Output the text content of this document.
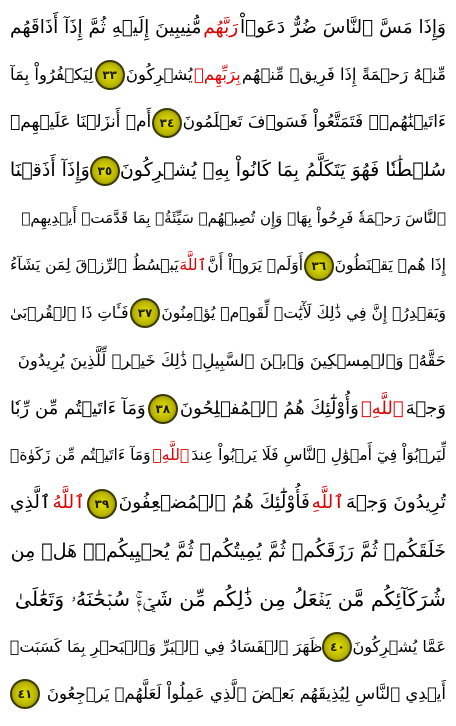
وَإِذَا مَسَّ ٱلنَّاسَ ضُرٌّ دَعَوۡاْ
رَبَّهُم
مُّنِيبِينَ إِلَيۡهِ ثُمَّ إِذَآ أَذَاقَهُم
مِّنۡهُ رَحۡمَةً إِذَا فَرِيقٞ مِّنۡهُم
بِرَبِّهِمۡ
يُشۡرِكُونَ
٣٣
لِيَكۡفُرُواْ بِمَآ
ءَاتَيۡنَٰهُمۡۚ فَتَمَتَّعُواْ فَسَوۡفَ تَعۡلَمُونَ
٣٤
أَمۡ أَنزَلۡنَا عَلَيۡهِمۡ
سُلۡطَٰنٗا فَهُوَ يَتَكَلَّمُ بِمَا كَانُواْ بِهِۦ يُشۡرِكُونَ
٣٥
وَإِذَآ أَذَقۡنَا
ٱلنَّاسَ رَحۡمَةٗ فَرِحُواْ بِهَاۖ وَإِن تُصِبۡهُمۡ سَيِّئَةُۢ بِمَا قَدَّمَتۡ أَيۡدِيهِمۡ
إِذَا هُمۡ يَقۡنَطُونَ
٣٦
أَوَلَمۡ يَرَوۡاْ أَنَّ
ٱللَّهَ
يَبۡسُطُ ٱلرِّزۡقَ لِمَن يَشَآءُ
وَيَقۡدِرُۚ إِنَّ فِي ذَٰلِكَ لَأٓيَٰتٖ لِّقَوۡمٖ يُؤۡمِنُونَ
٣٧
فَـَٔاتِ ذَا ٱلۡقُرۡبَىٰ
حَقَّهُۥ وَٱلۡمِسۡكِينَ وَٱبۡنَ ٱلسَّبِيلِۚ ذَٰلِكَ خَيۡرٞ لِّلَّذِينَ يُرِيدُونَ
وَجۡهَ
ٱللَّهِۖ
وَأُوْلَٰٓئِكَ هُمُ ٱلۡمُفۡلِحُونَ
٣٨
وَمَآ ءَاتَيۡتُم مِّن رِّبٗا
لِّيَرۡبُوَاْ فِيٓ أَمۡوَٰلِ ٱلنَّاسِ فَلَا يَرۡبُواْ عِندَ
ٱللَّهِۖ
وَمَآ ءَاتَيۡتُم مِّن زَكَوٰةٖ
تُرِيدُونَ وَجۡهَ
ٱللَّهِ
فَأُوْلَٰٓئِكَ هُمُ ٱلۡمُضۡعِفُونَ
٣٩
ٱللَّهُ
ٱلَّذِي
خَلَقَكُمۡ ثُمَّ رَزَقَكُمۡ ثُمَّ يُمِيتُكُمۡ ثُمَّ يُحۡيِيكُمۡۖ هَلۡ مِن
شُرَكَآئِكُم مَّن يَفۡعَلُ مِن ذَٰلِكُم مِّن شَيۡءٖۚ سُبۡحَٰنَهُۥ وَتَعَٰلَىٰ
عَمَّا يُشۡرِكُونَ
٤٠
ظَهَرَ ٱلۡفَسَادُ فِي ٱلۡبَرِّ وَٱلۡبَحۡرِ بِمَا كَسَبَتۡ
أَيۡدِي ٱلنَّاسِ لِيُذِيقَهُم بَعۡضَ ٱلَّذِي عَمِلُواْ لَعَلَّهُمۡ يَرۡجِعُونَ
٤١
